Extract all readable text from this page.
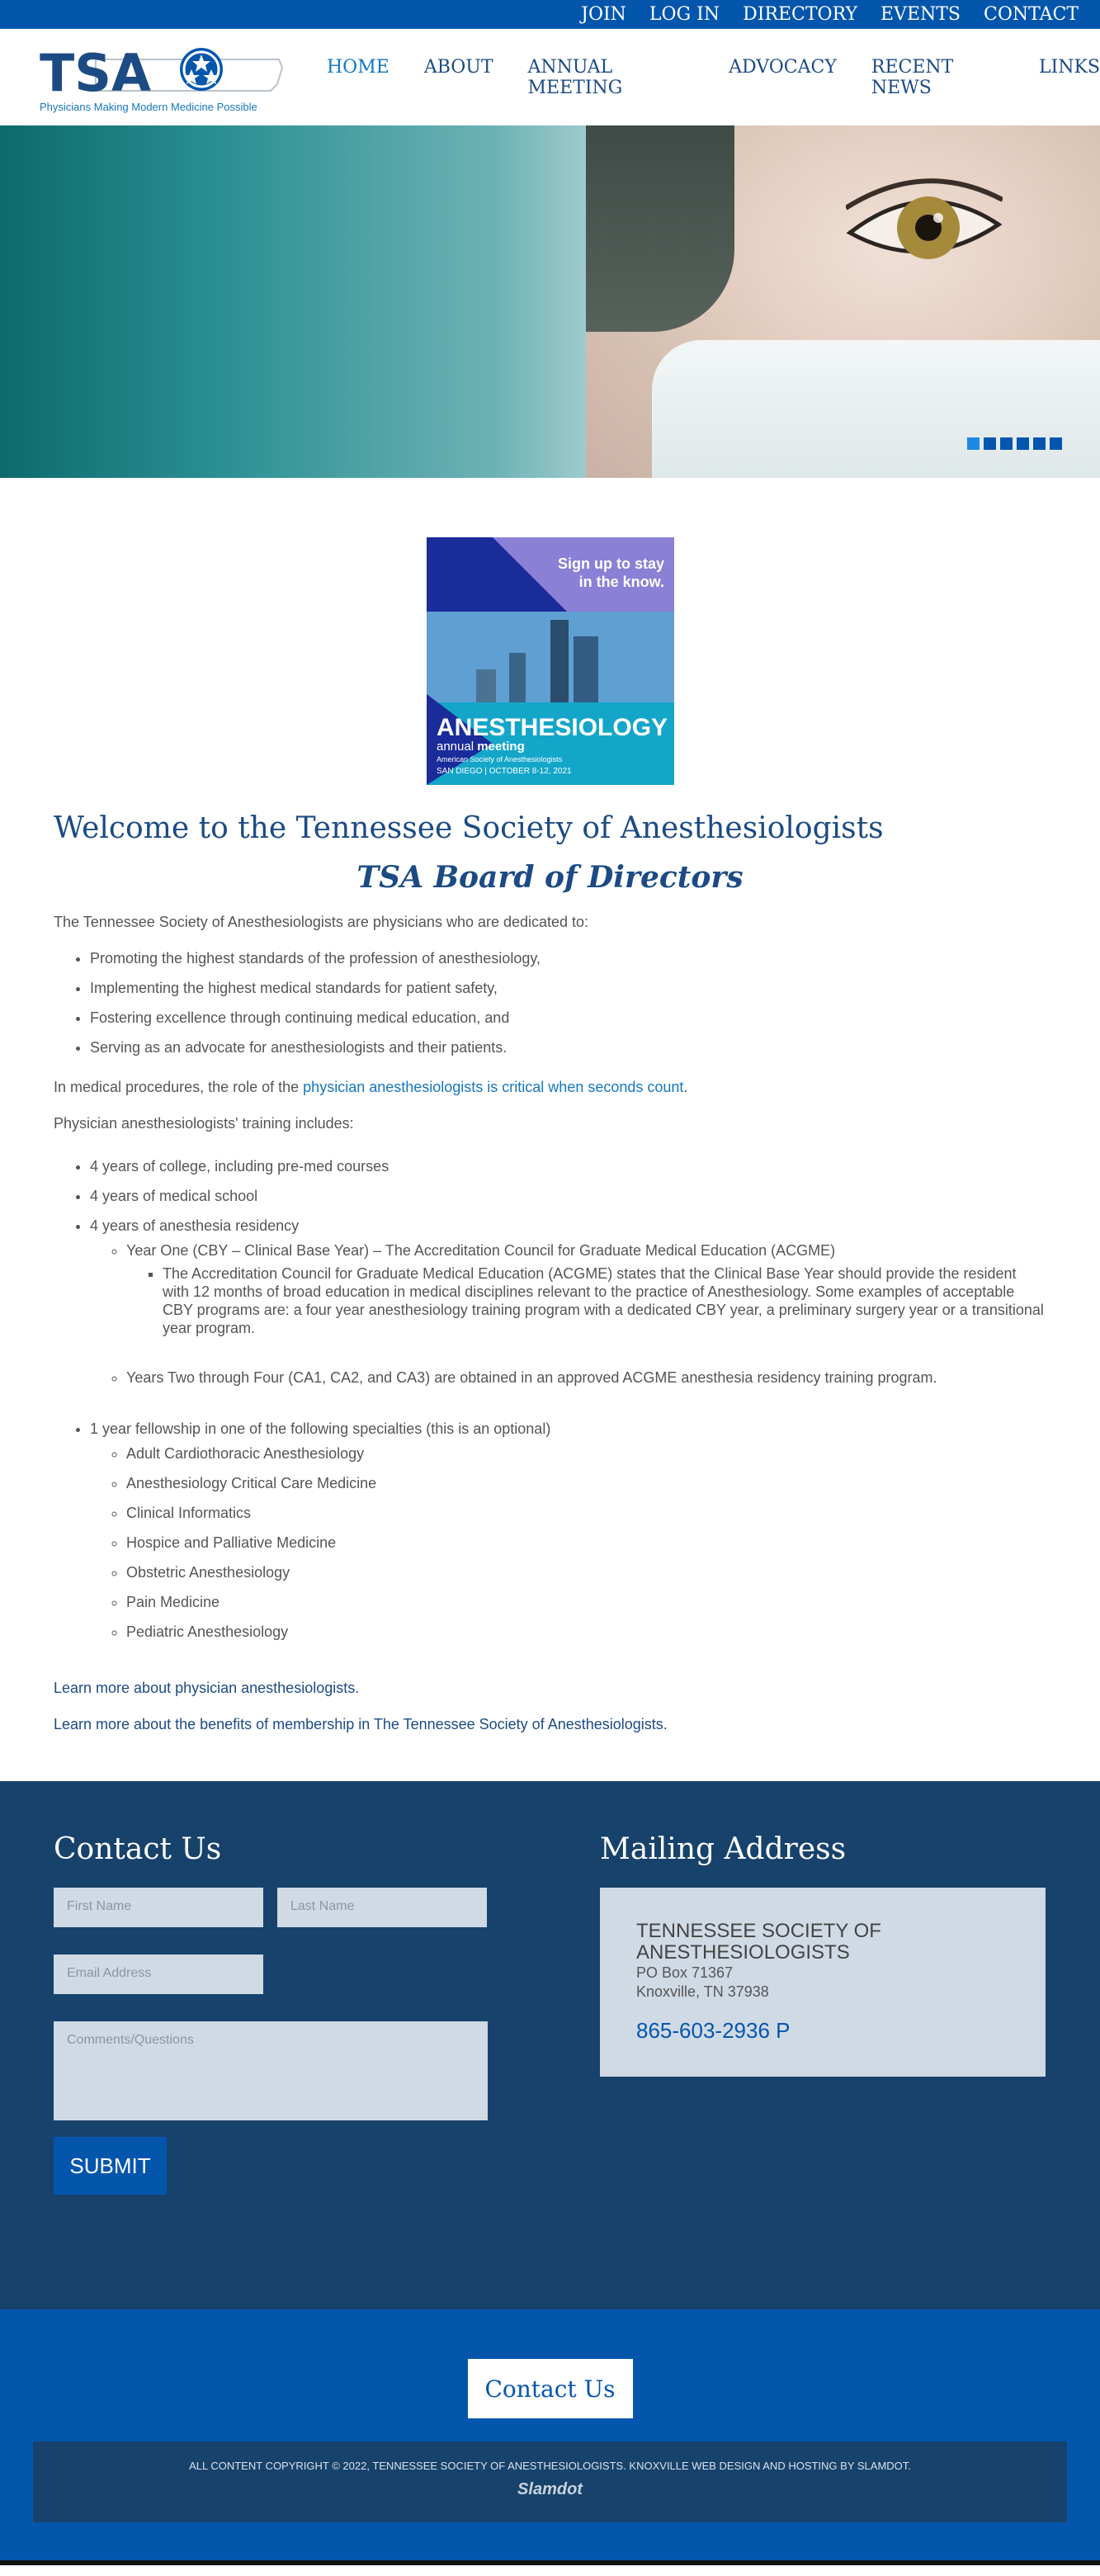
JOIN LOG IN DIRECTORY EVENTS CONTACT
TSA
Physicians Making Modern Medicine Possible
HOME ABOUT ANNUAL MEETING
ADVOCACY RECENT NEWS
LINKS
Sign up to stay
in the know.
ANESTHESIOLOGY
annual meeting
American Society of Anesthesiologists
SAN DIEGO | OCTOBER 8-12, 2021
Welcome to the Tennessee Society of Anesthesiologists
TSA Board of Directors

The Tennessee Society of Anesthesiologists are physicians who are dedicated to:

• Promoting the highest standards of the profession of anesthesiology,
• Implementing the highest medical standards for patient safety,
• Fostering excellence through continuing medical education, and
• Serving as an advocate for anesthesiologists and their patients.

In medical procedures, the role of the physician anesthesiologists is critical when seconds count.

Physician anesthesiologists' training includes:

• 4 years of college, including pre-med courses
• 4 years of medical school
• 4 years of anesthesia residency
◦ Year One (CBY – Clinical Base Year) – The Accreditation Council for Graduate Medical Education (ACGME)
▪ The Accreditation Council for Graduate Medical Education (ACGME) states that the Clinical Base Year should provide the resident with 12 months of broad education in medical disciplines relevant to the practice of Anesthesiology. Some examples of acceptable CBY programs are: a four year anesthesiology training program with a dedicated CBY year, a preliminary surgery year or a transitional year program.
◦ Years Two through Four (CA1, CA2, and CA3) are obtained in an approved ACGME anesthesia residency training program.
• 1 year fellowship in one of the following specialties (this is an optional)
◦ Adult Cardiothoracic Anesthesiology
◦ Anesthesiology Critical Care Medicine
◦ Clinical Informatics
◦ Hospice and Palliative Medicine
◦ Obstetric Anesthesiology
◦ Pain Medicine
◦ Pediatric Anesthesiology

Learn more about physician anesthesiologists.

Learn more about the benefits of membership in The Tennessee Society of Anesthesiologists.

Contact Us
First Name	Last Name
Email Address
Comments/Questions
SUBMIT
Mailing Address
TENNESSEE SOCIETY OF
ANESTHESIOLOGISTS
PO Box 71367
Knoxville, TN 37938
865-603-2936 P
Contact Us
ALL CONTENT COPYRIGHT © 2022, TENNESSEE SOCIETY OF ANESTHESIOLOGISTS. KNOXVILLE WEB DESIGN AND HOSTING BY SLAMDOT.
Slamdot
